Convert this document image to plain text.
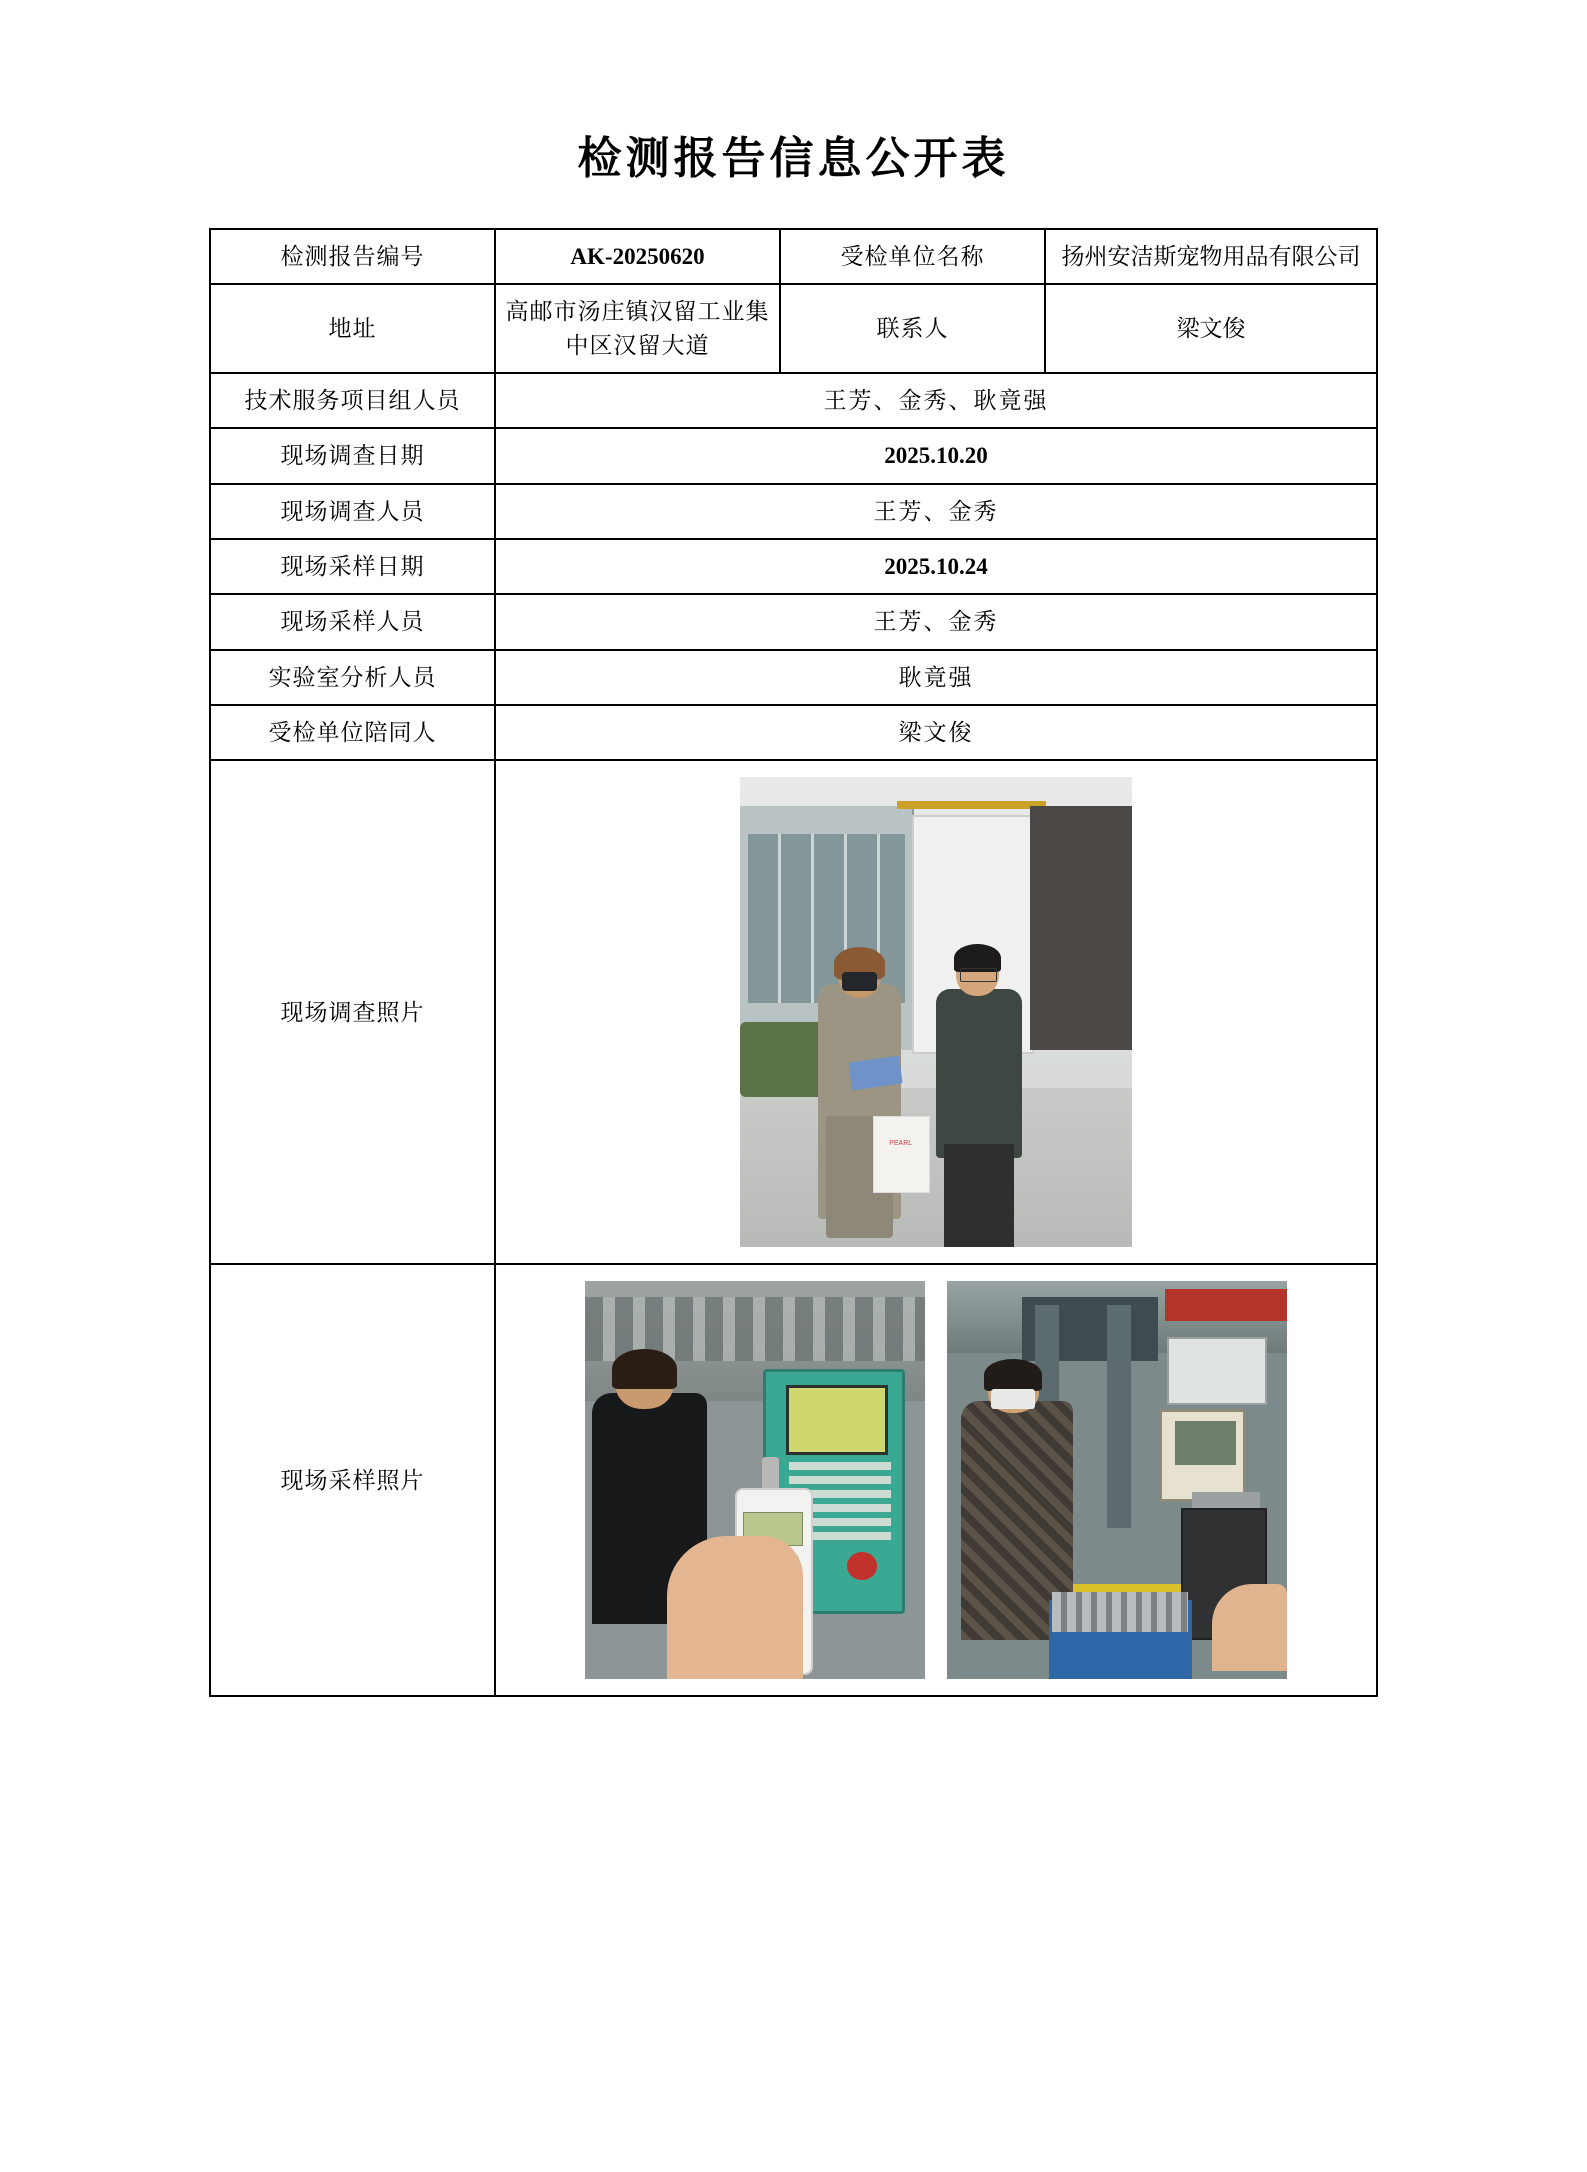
检测报告信息公开表
检测报告编号	AK-20250620	受检单位名称	扬州安洁斯宠物用品有限公司
地址	高邮市汤庄镇汉留工业集中区汉留大道	联系人	梁文俊
技术服务项目组人员	王芳、金秀、耿竟强		
现场调查日期	2025.10.20		
现场调查人员	王芳、金秀		
现场采样日期	2025.10.24		
现场采样人员	王芳、金秀		
实验室分析人员	耿竟强		
受检单位陪同人	梁文俊		
现场调查照片	PEARL		

现场采样照片			
